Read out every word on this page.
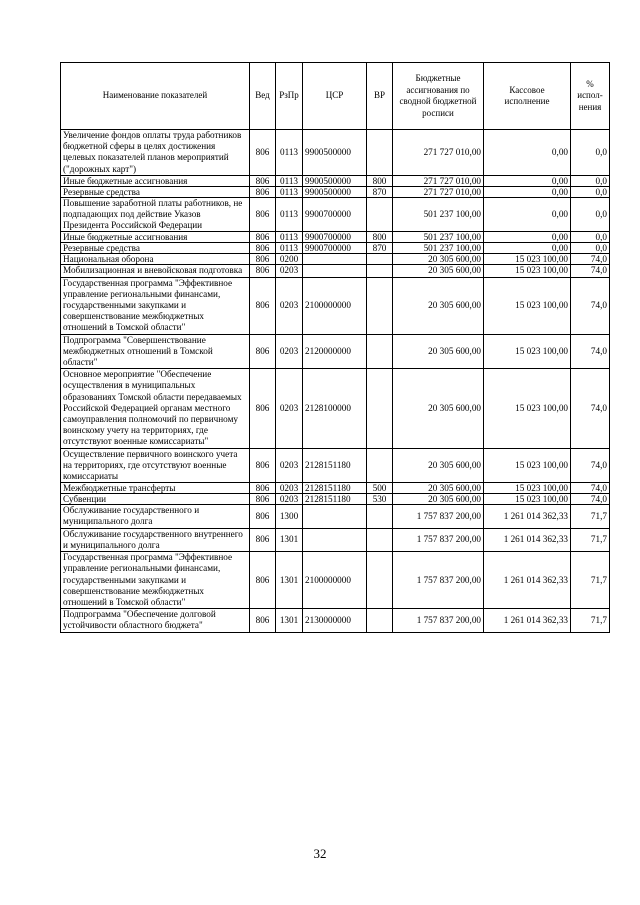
Наименование показателей	Вед	РзПр	ЦСР	ВР	Бюджетные ассигнования по сводной бюджетной росписи	Кассовое исполнение	% испол-нения
Увеличение фондов оплаты труда работников бюджетной сферы в целях достижения целевых показателей планов мероприятий ("дорожных карт")	806	0113	9900500000		271 727 010,00	0,00	0,0
Иные бюджетные ассигнования	806	0113	9900500000	800	271 727 010,00	0,00	0,0
Резервные средства	806	0113	9900500000	870	271 727 010,00	0,00	0,0
Повышение заработной платы работников, не подпадающих под действие Указов Президента Российской Федерации	806	0113	9900700000		501 237 100,00	0,00	0,0
Иные бюджетные ассигнования	806	0113	9900700000	800	501 237 100,00	0,00	0,0
Резервные средства	806	0113	9900700000	870	501 237 100,00	0,00	0,0
Национальная оборона	806	0200			20 305 600,00	15 023 100,00	74,0
Мобилизационная и вневойсковая подготовка	806	0203			20 305 600,00	15 023 100,00	74,0
Государственная программа "Эффективное управление региональными финансами, государственными закупками и совершенствование межбюджетных отношений в Томской области"	806	0203	2100000000		20 305 600,00	15 023 100,00	74,0
Подпрограмма "Совершенствование межбюджетных отношений в Томской области"	806	0203	2120000000		20 305 600,00	15 023 100,00	74,0
Основное мероприятие "Обеспечение осуществления в муниципальных образованиях Томской области передаваемых Российской Федерацией органам местного самоуправления полномочий по первичному воинскому учету на территориях, где отсутствуют военные комиссариаты"	806	0203	2128100000		20 305 600,00	15 023 100,00	74,0
Осуществление первичного воинского учета на территориях, где отсутствуют военные комиссариаты	806	0203	2128151180		20 305 600,00	15 023 100,00	74,0
Межбюджетные трансферты	806	0203	2128151180	500	20 305 600,00	15 023 100,00	74,0
Субвенции	806	0203	2128151180	530	20 305 600,00	15 023 100,00	74,0
Обслуживание государственного и муниципального долга	806	1300			1 757 837 200,00	1 261 014 362,33	71,7
Обслуживание государственного внутреннего и муниципального долга	806	1301			1 757 837 200,00	1 261 014 362,33	71,7
Государственная программа "Эффективное управление региональными финансами, государственными закупками и совершенствование межбюджетных отношений в Томской области"	806	1301	2100000000		1 757 837 200,00	1 261 014 362,33	71,7
Подпрограмма "Обеспечение долговой устойчивости областного бюджета"	806	1301	2130000000		1 757 837 200,00	1 261 014 362,33	71,7
32
